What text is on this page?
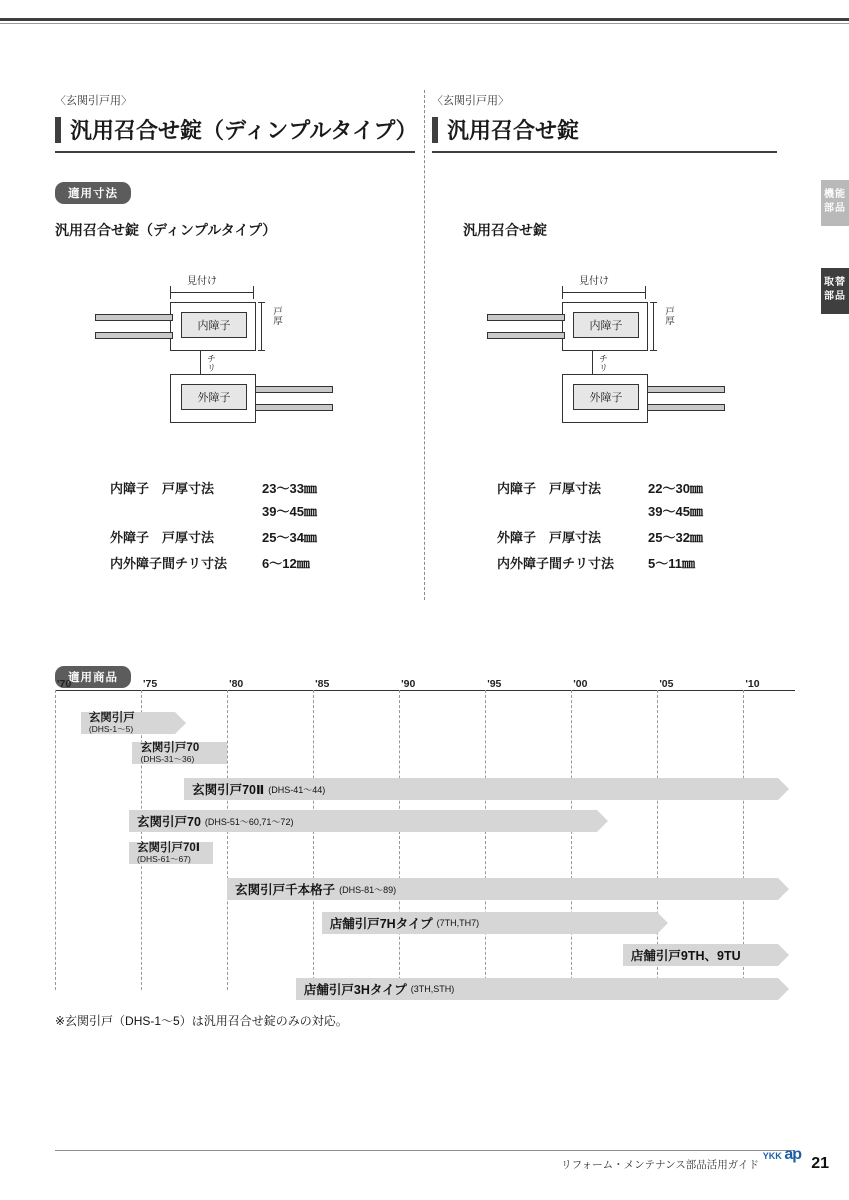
機能部品
取替部品
〈玄関引戸用〉
汎用召合せ錠（ディンプルタイプ）
〈玄関引戸用〉
汎用召合せ錠
適用寸法
汎用召合せ錠（ディンプルタイプ）	汎用召合せ錠
見付け
内障子
戸厚
チリ
外障子
内障子　戸厚寸法	23〜33㎜
39〜45㎜
外障子　戸厚寸法	25〜34㎜
内外障子間チリ寸法	6〜12㎜
見付け
内障子
戸厚
チリ
外障子
内障子　戸厚寸法	22〜30㎜
39〜45㎜
外障子　戸厚寸法	25〜32㎜
内外障子間チリ寸法	5〜11㎜
適用商品
'70	'75	'80	'85	'90	'95	'00	'05	'10
玄関引戸
(DHS-1〜5)
玄関引戸70
(DHS-31〜36)
玄関引戸70Ⅱ (DHS-41〜44)
玄関引戸70 (DHS-51〜60,71〜72)
玄関引戸70Ⅰ
(DHS-61〜67)
玄関引戸千本格子 (DHS-81〜89)
店舗引戸7Hタイプ (7TH,TH7)
店舗引戸9TH、9TU
店舗引戸3Hタイプ (3TH,STH)
※玄関引戸（DHS-1〜5）は汎用召合せ錠のみの対応。
リフォーム・メンテナンス部品活用ガイド
YKK ap
21
